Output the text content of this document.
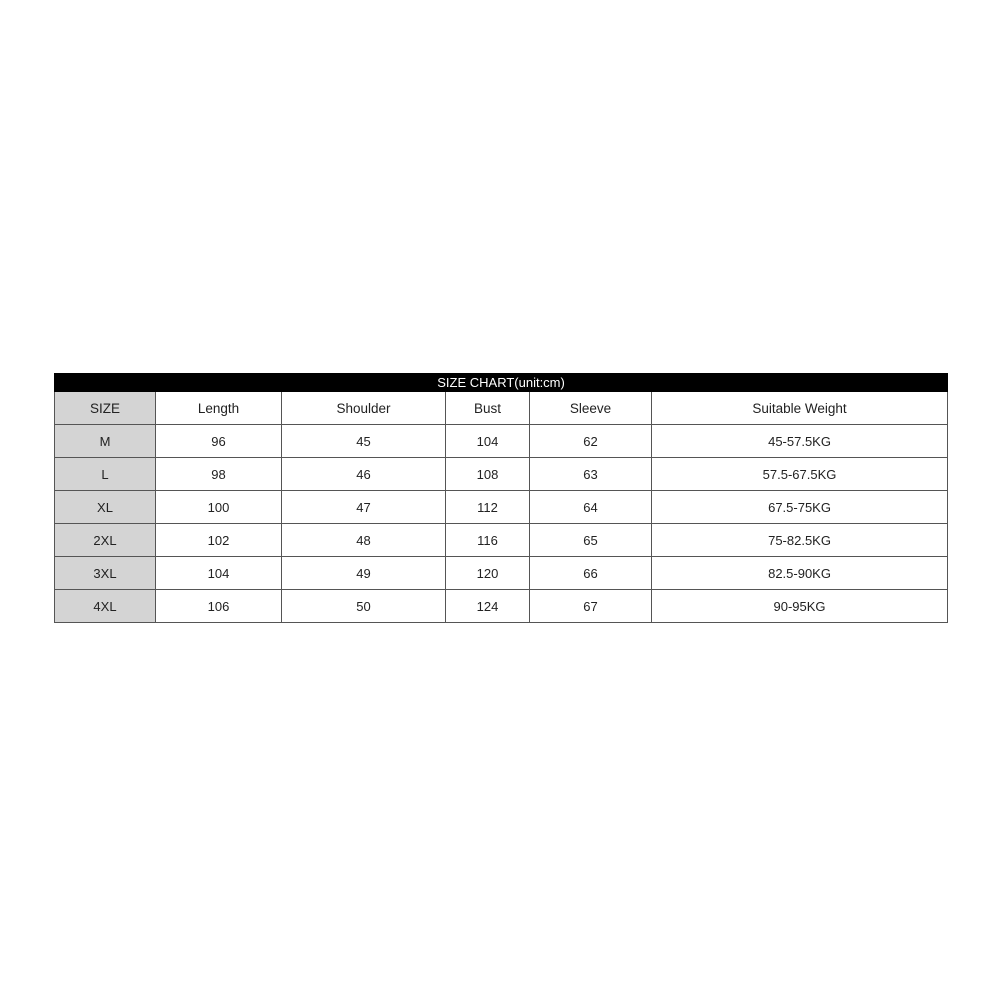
SIZE CHART(unit:cm)					
SIZE	Length	Shoulder	Bust	Sleeve	Suitable Weight
M	96	45	104	62	45-57.5KG
L	98	46	108	63	57.5-67.5KG
XL	100	47	112	64	67.5-75KG
2XL	102	48	116	65	75-82.5KG
3XL	104	49	120	66	82.5-90KG
4XL	106	50	124	67	90-95KG
